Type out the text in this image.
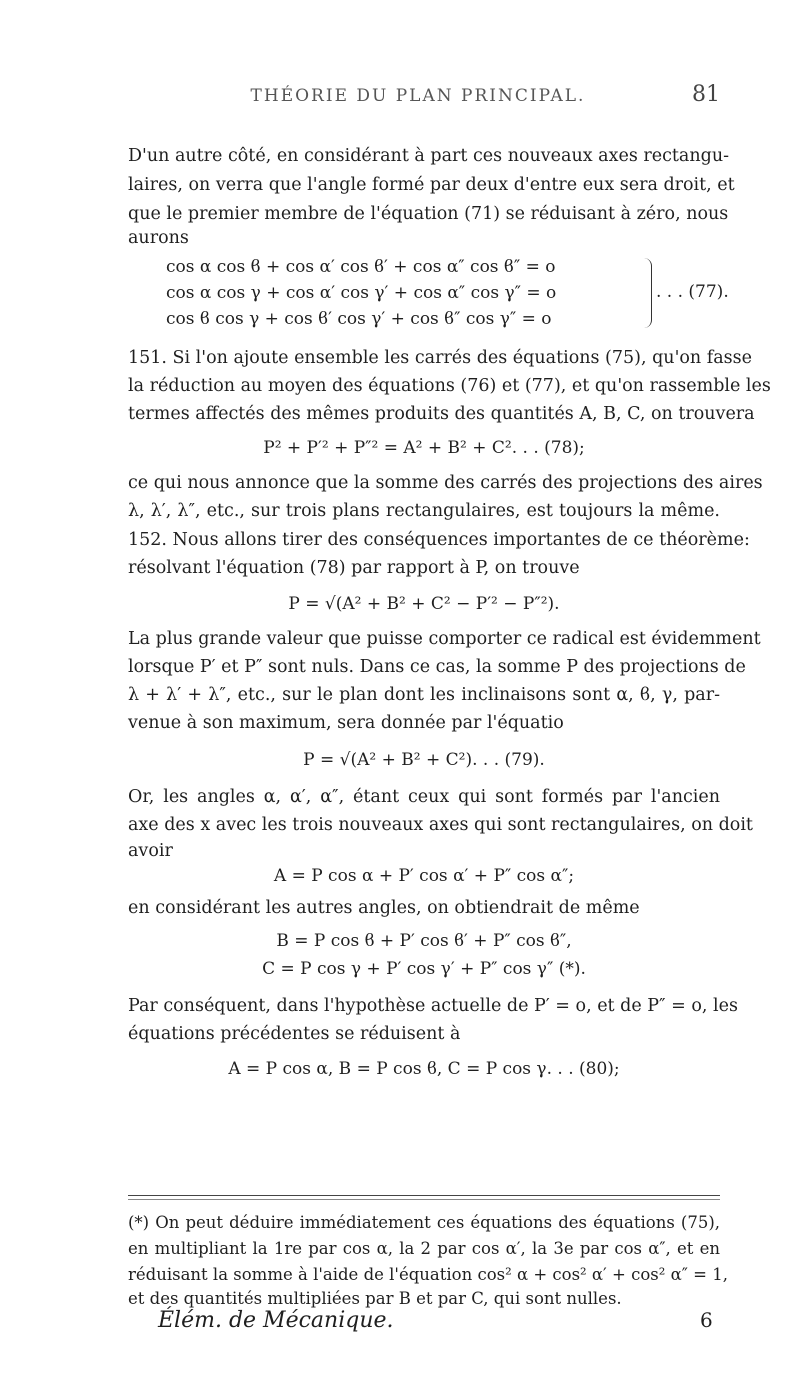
THÉORIE DU PLAN PRINCIPAL.	81
D'un autre côté, en considérant à part ces nouveaux axes rectangu-
laires, on verra que l'angle formé par deux d'entre eux sera droit, et
que le premier membre de l'équation (71) se réduisant à zéro, nous
aurons
cos α cos ϐ + cos α′ cos ϐ′ + cos α″ cos ϐ″ = o
cos α cos γ + cos α′ cos γ′ + cos α″ cos γ″ = o
cos ϐ cos γ + cos ϐ′ cos γ′ + cos ϐ″ cos γ″ = o
. . . (77).
151. Si l'on ajoute ensemble les carrés des équations (75), qu'on fasse
la réduction au moyen des équations (76) et (77), et qu'on rassemble les
termes affectés des mêmes produits des quantités A, B, C, on trouvera
P² + P′² + P″² = A² + B² + C². . . (78);
ce qui nous annonce que la somme des carrés des projections des aires
λ, λ′, λ″, etc., sur trois plans rectangulaires, est toujours la même.
152. Nous allons tirer des conséquences importantes de ce théorème:
résolvant l'équation (78) par rapport à P, on trouve
P = √(A² + B² + C² − P′² − P″²).
La plus grande valeur que puisse comporter ce radical est évidemment
lorsque P′ et P″ sont nuls. Dans ce cas, la somme P des projections de
λ + λ′ + λ″, etc., sur le plan dont les inclinaisons sont α, ϐ, γ, par-
venue à son maximum, sera donnée par l'équatio
P = √(A² + B² + C²). . . (79).
Or, les angles α, α′, α″, étant ceux qui sont formés par l'ancien
axe des x avec les trois nouveaux axes qui sont rectangulaires, on doit
avoir
A = P cos α + P′ cos α′ + P″ cos α″;
en considérant les autres angles, on obtiendrait de même
B = P cos ϐ + P′ cos ϐ′ + P″ cos ϐ″,
C = P cos γ + P′ cos γ′ + P″ cos γ″ (*).
Par conséquent, dans l'hypothèse actuelle de P′ = o, et de P″ = o, les
équations précédentes se réduisent à
A = P cos α, B = P cos ϐ, C = P cos γ. . . (80);
(*) On peut déduire immédiatement ces équations des équations (75),
en multipliant la 1re par cos α, la 2 par cos α′, la 3e par cos α″, et en
réduisant la somme à l'aide de l'équation cos² α + cos² α′ + cos² α″ = 1,
et des quantités multipliées par B et par C, qui sont nulles.
Élém. de Mécanique.	6
